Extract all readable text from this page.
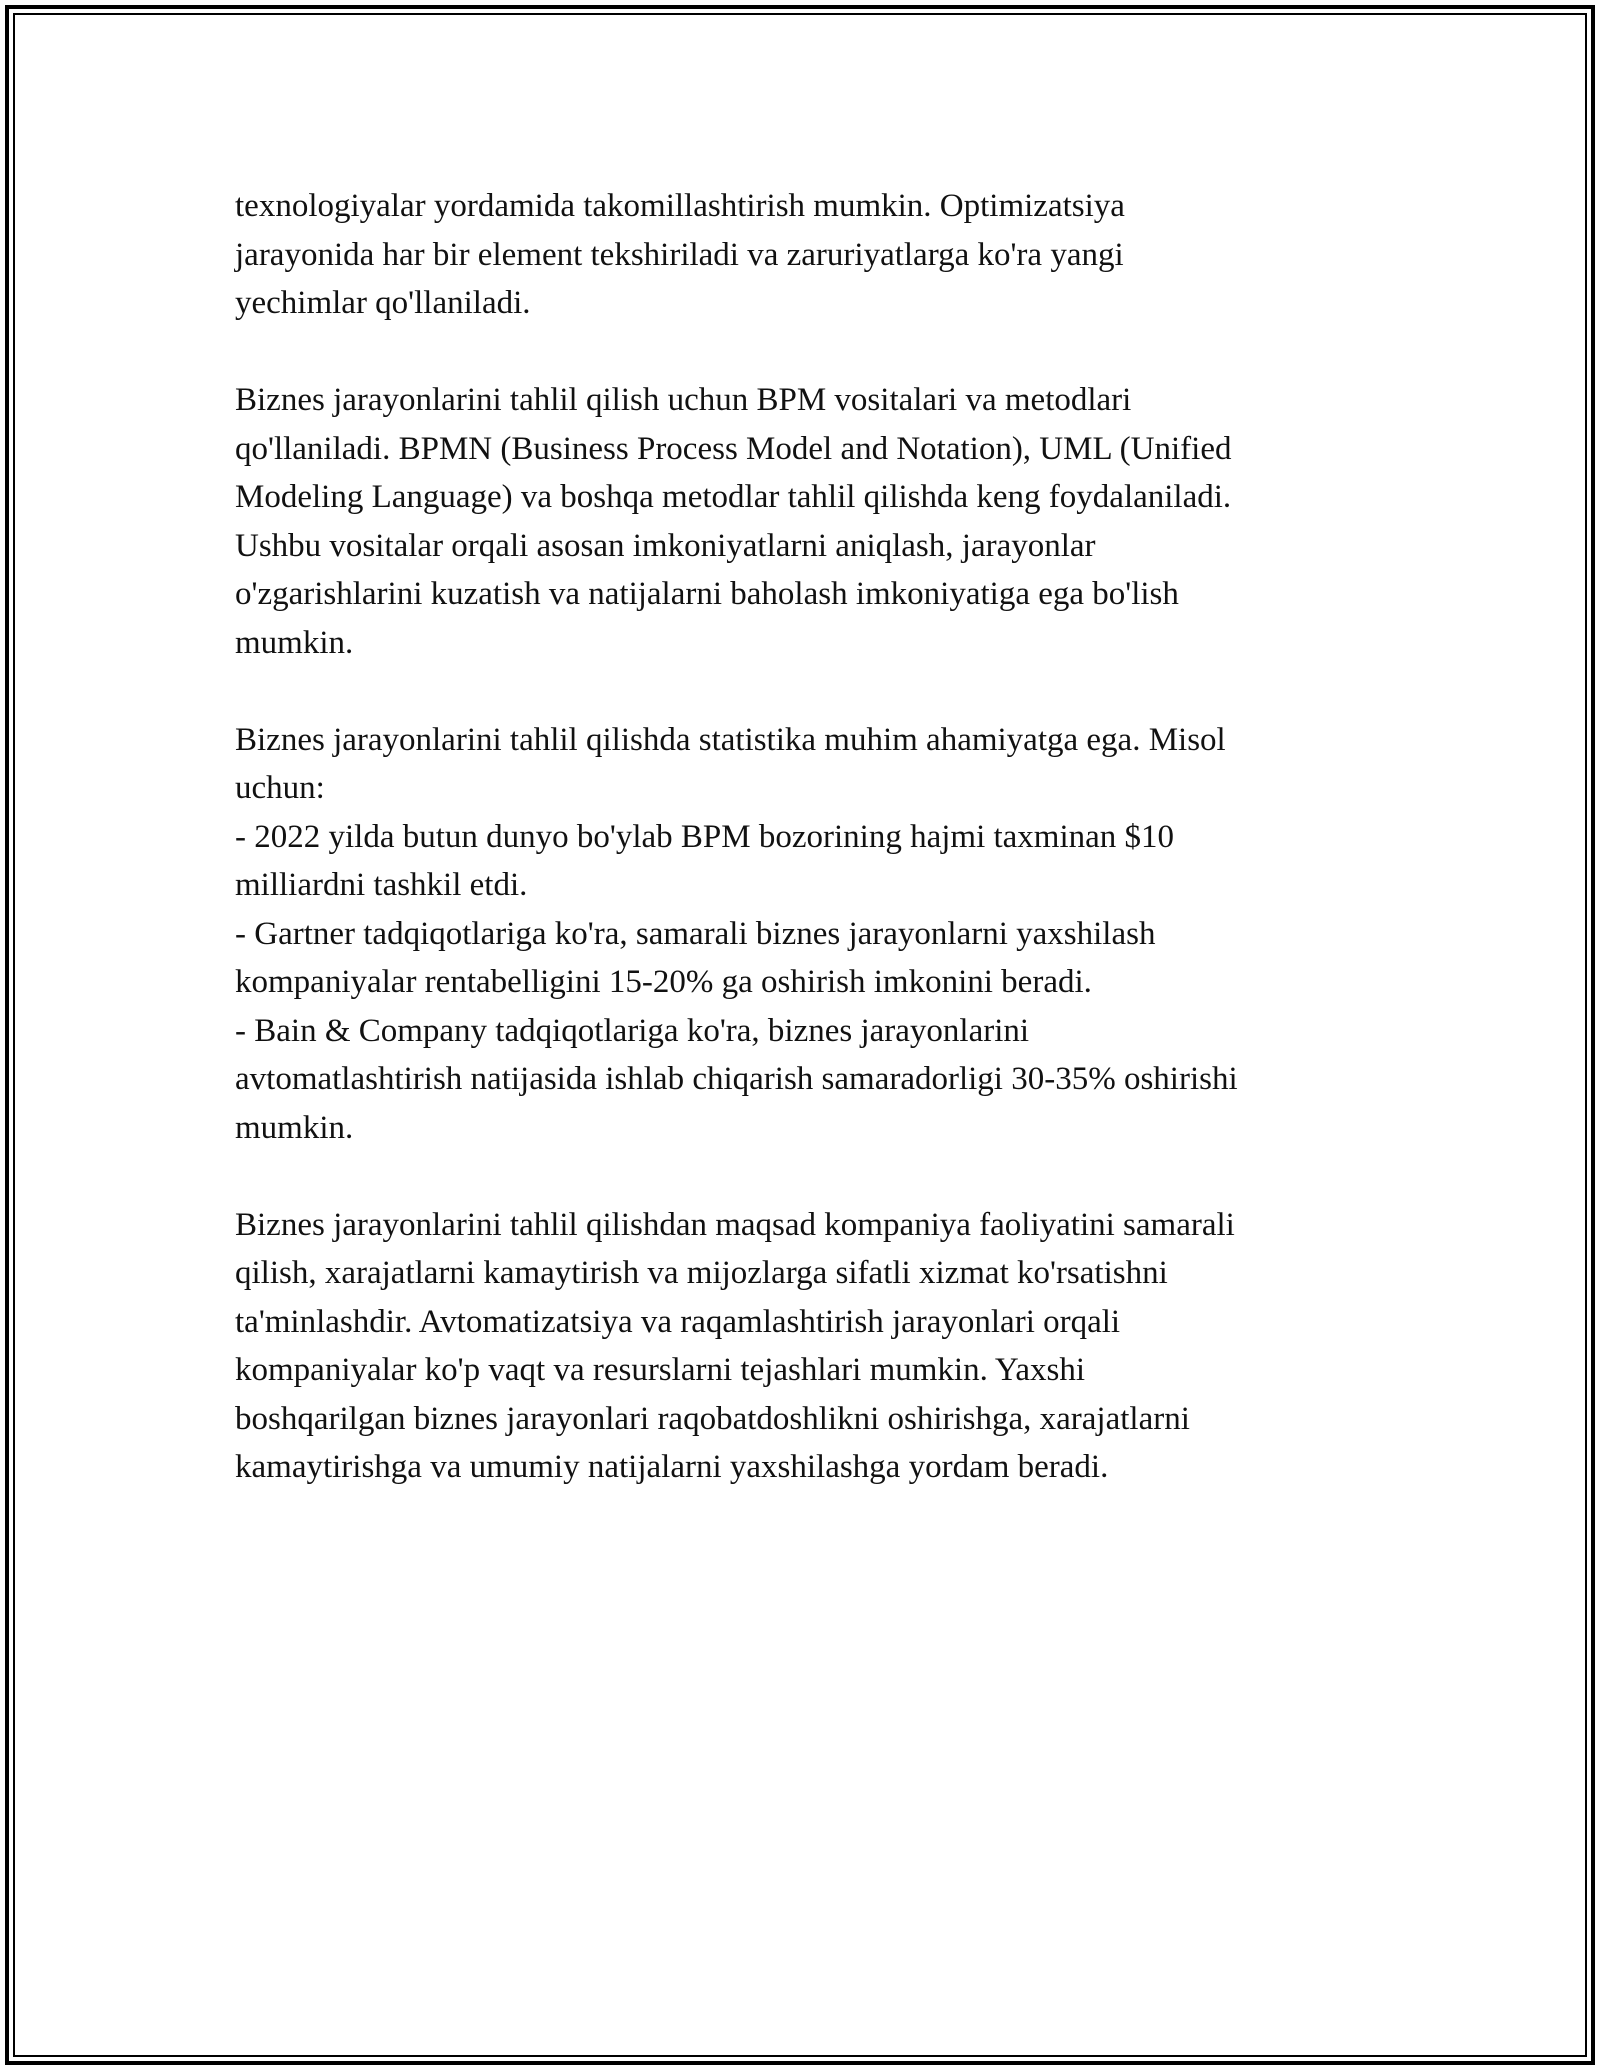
texnologiyalar yordamida takomillashtirish mumkin. Optimizatsiya
jarayonida har bir element tekshiriladi va zaruriyatlarga ko'ra yangi
yechimlar qo'llaniladi.

Biznes jarayonlarini tahlil qilish uchun BPM vositalari va metodlari
qo'llaniladi. BPMN (Business Process Model and Notation), UML (Unified
Modeling Language) va boshqa metodlar tahlil qilishda keng foydalaniladi.
Ushbu vositalar orqali asosan imkoniyatlarni aniqlash, jarayonlar
o'zgarishlarini kuzatish va natijalarni baholash imkoniyatiga ega bo'lish
mumkin.

Biznes jarayonlarini tahlil qilishda statistika muhim ahamiyatga ega. Misol
uchun:
- 2022 yilda butun dunyo bo'ylab BPM bozorining hajmi taxminan $10
milliardni tashkil etdi.
- Gartner tadqiqotlariga ko'ra, samarali biznes jarayonlarni yaxshilash
kompaniyalar rentabelligini 15-20% ga oshirish imkonini beradi.
- Bain & Company tadqiqotlariga ko'ra, biznes jarayonlarini
avtomatlashtirish natijasida ishlab chiqarish samaradorligi 30-35% oshirishi
mumkin.

Biznes jarayonlarini tahlil qilishdan maqsad kompaniya faoliyatini samarali
qilish, xarajatlarni kamaytirish va mijozlarga sifatli xizmat ko'rsatishni
ta'minlashdir. Avtomatizatsiya va raqamlashtirish jarayonlari orqali
kompaniyalar ko'p vaqt va resurslarni tejashlari mumkin. Yaxshi
boshqarilgan biznes jarayonlari raqobatdoshlikni oshirishga, xarajatlarni
kamaytirishga va umumiy natijalarni yaxshilashga yordam beradi.
